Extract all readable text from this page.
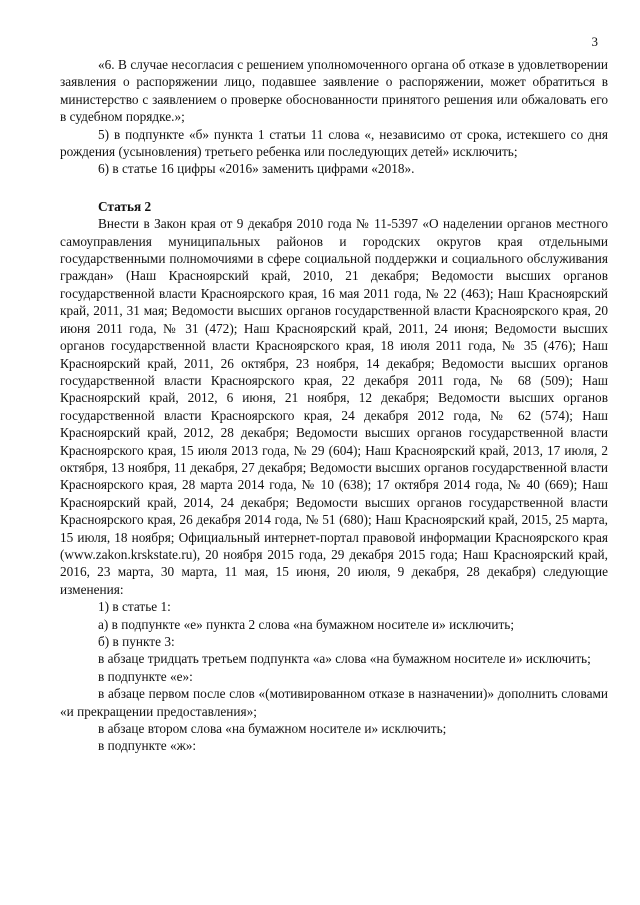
3

«6. В случае несогласия с решением уполномоченного органа об отказе в удовлетворении заявления о распоряжении лицо, подавшее заявление о распоряжении, может обратиться в министерство с заявлением о проверке обоснованности принятого решения или обжаловать его в судебном порядке.»;

5) в подпункте «б» пункта 1 статьи 11 слова «, независимо от срока, истекшего со дня рождения (усыновления) третьего ребенка или последующих детей» исключить;

6) в статье 16 цифры «2016» заменить цифрами «2018».

Статья 2

Внести в Закон края от 9 декабря 2010 года № 11-5397 «О наделении органов местного самоуправления муниципальных районов и городских округов края отдельными государственными полномочиями в сфере социальной поддержки и социального обслуживания граждан» (Наш Красноярский край, 2010, 21 декабря; Ведомости высших органов государственной власти Красноярского края, 16 мая 2011 года, № 22 (463); Наш Красноярский край, 2011, 31 мая; Ведомости высших органов государственной власти Красноярского края, 20 июня 2011 года, № 31 (472); Наш Красноярский край, 2011, 24 июня; Ведомости высших органов государственной власти Красноярского края, 18 июля 2011 года, № 35 (476); Наш Красноярский край, 2011, 26 октября, 23 ноября, 14 декабря; Ведомости высших органов государственной власти Красноярского края, 22 декабря 2011 года, № 68 (509); Наш Красноярский край, 2012, 6 июня, 21 ноября, 12 декабря; Ведомости высших органов государственной власти Красноярского края, 24 декабря 2012 года, № 62 (574); Наш Красноярский край, 2012, 28 декабря; Ведомости высших органов государственной власти Красноярского края, 15 июля 2013 года, № 29 (604); Наш Красноярский край, 2013, 17 июля, 2 октября, 13 ноября, 11 декабря, 27 декабря; Ведомости высших органов государственной власти Красноярского края, 28 марта 2014 года, № 10 (638); 17 октября 2014 года, № 40 (669); Наш Красноярский край, 2014, 24 декабря; Ведомости высших органов государственной власти Красноярского края, 26 декабря 2014 года, № 51 (680); Наш Красноярский край, 2015, 25 марта, 15 июля, 18 ноября; Официальный интернет-портал правовой информации Красноярского края (www.zakon.krskstate.ru), 20 ноября 2015 года, 29 декабря 2015 года; Наш Красноярский край, 2016, 23 марта, 30 марта, 11 мая, 15 июня, 20 июля, 9 декабря, 28 декабря) следующие изменения:

1) в статье 1:

а) в подпункте «е» пункта 2 слова «на бумажном носителе и» исключить;

б) в пункте 3:

в абзаце тридцать третьем подпункта «а» слова «на бумажном носителе и» исключить;

в подпункте «е»:

в абзаце первом после слов «(мотивированном отказе в назначении)» дополнить словами «и прекращении предоставления»;

в абзаце втором слова «на бумажном носителе и» исключить;

в подпункте «ж»:
